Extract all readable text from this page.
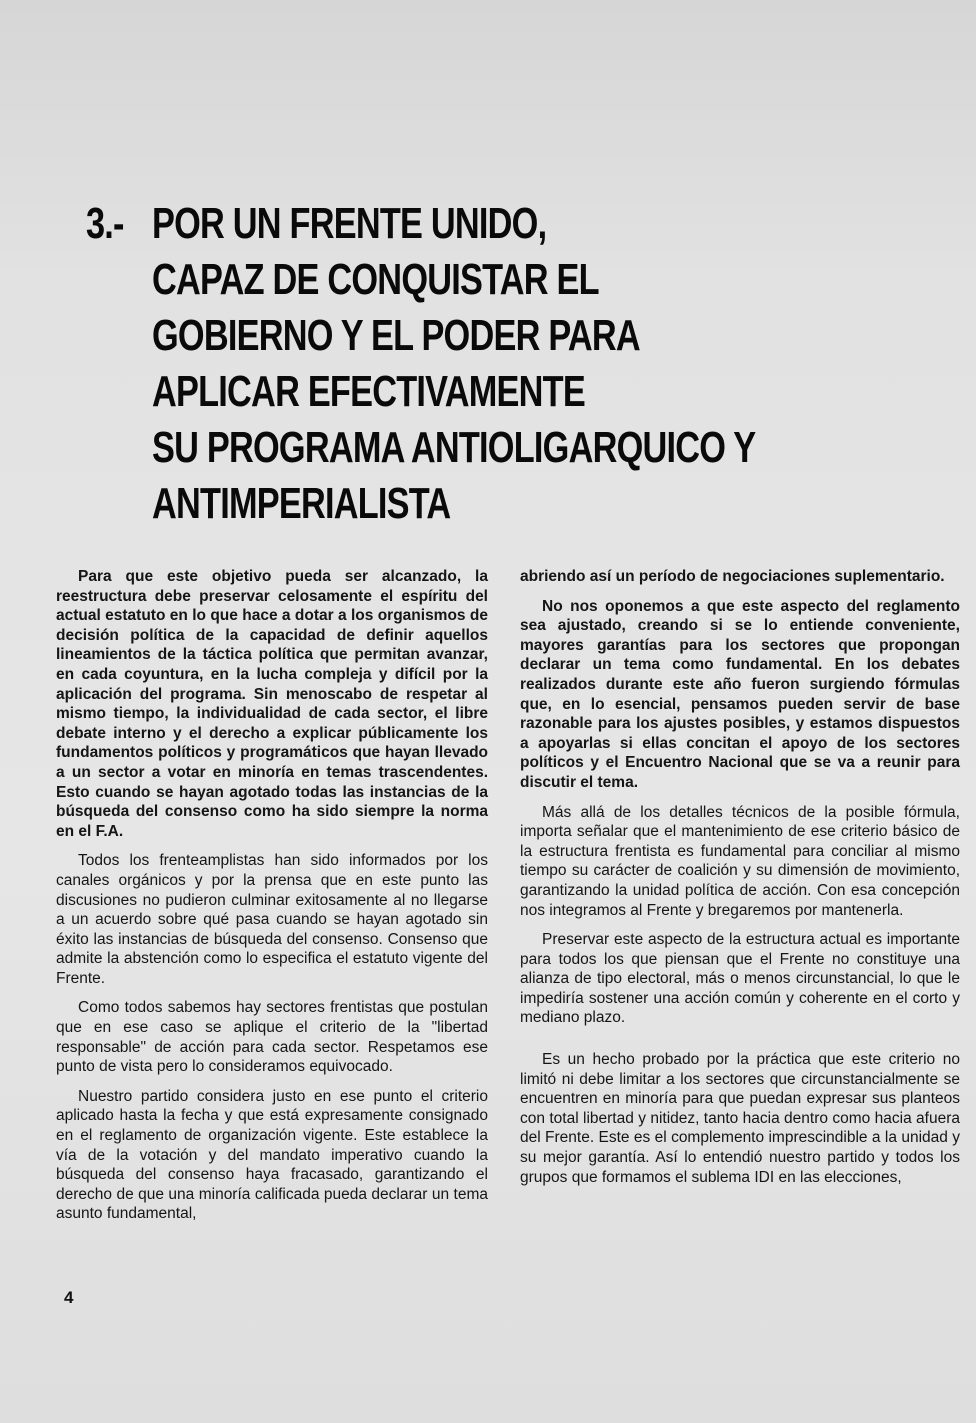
3.- POR UN FRENTE UNIDO,
CAPAZ DE CONQUISTAR EL
GOBIERNO Y EL PODER PARA
APLICAR EFECTIVAMENTE
SU PROGRAMA ANTIOLIGARQUICO Y
ANTIMPERIALISTA

Para que este objetivo pueda ser alcanzado, la reestructura debe preservar celosamente el espíritu del actual estatuto en lo que hace a dotar a los organismos de decisión política de la capacidad de definir aquellos lineamientos de la táctica política que permitan avanzar, en cada coyuntura, en la lucha compleja y difícil por la aplicación del programa. Sin menoscabo de respetar al mismo tiempo, la individualidad de cada sector, el libre debate interno y el derecho a explicar públicamente los fundamentos políticos y programáticos que hayan llevado a un sector a votar en minoría en temas trascendentes. Esto cuando se hayan agotado todas las instancias de la búsqueda del consenso como ha sido siempre la norma en el F.A.

Todos los frenteamplistas han sido informados por los canales orgánicos y por la prensa que en este punto las discusiones no pudieron culminar exitosamente al no llegarse a un acuerdo sobre qué pasa cuando se hayan agotado sin éxito las instancias de búsqueda del consenso. Consenso que admite la abstención como lo especifica el estatuto vigente del Frente.

Como todos sabemos hay sectores frentistas que postulan que en ese caso se aplique el criterio de la "libertad responsable" de acción para cada sector. Respetamos ese punto de vista pero lo consideramos equivocado.

Nuestro partido considera justo en ese punto el criterio aplicado hasta la fecha y que está expresamente consignado en el reglamento de organización vigente. Este establece la vía de la votación y del mandato imperativo cuando la búsqueda del consenso haya fracasado, garantizando el derecho de que una minoría calificada pueda declarar un tema asunto fundamental,

abriendo así un período de negociaciones suplementario.

No nos oponemos a que este aspecto del reglamento sea ajustado, creando si se lo entiende conveniente, mayores garantías para los sectores que propongan declarar un tema como fundamental. En los debates realizados durante este año fueron surgiendo fórmulas que, en lo esencial, pensamos pueden servir de base razonable para los ajustes posibles, y estamos dispuestos a apoyarlas si ellas concitan el apoyo de los sectores políticos y el Encuentro Nacional que se va a reunir para discutir el tema.

Más allá de los detalles técnicos de la posible fórmula, importa señalar que el mantenimiento de ese criterio básico de la estructura frentista es fundamental para conciliar al mismo tiempo su carácter de coalición y su dimensión de movimiento, garantizando la unidad política de acción. Con esa concepción nos integramos al Frente y bregaremos por mantenerla.

Preservar este aspecto de la estructura actual es importante para todos los que piensan que el Frente no constituye una alianza de tipo electoral, más o menos circunstancial, lo que le impediría sostener una acción común y coherente en el corto y mediano plazo.

Es un hecho probado por la práctica que este criterio no limitó ni debe limitar a los sectores que circunstancialmente se encuentren en minoría para que puedan expresar sus planteos con total libertad y nitidez, tanto hacia dentro como hacia afuera del Frente. Este es el complemento imprescindible a la unidad y su mejor garantía. Así lo entendió nuestro partido y todos los grupos que formamos el sublema IDI en las elecciones,

4
